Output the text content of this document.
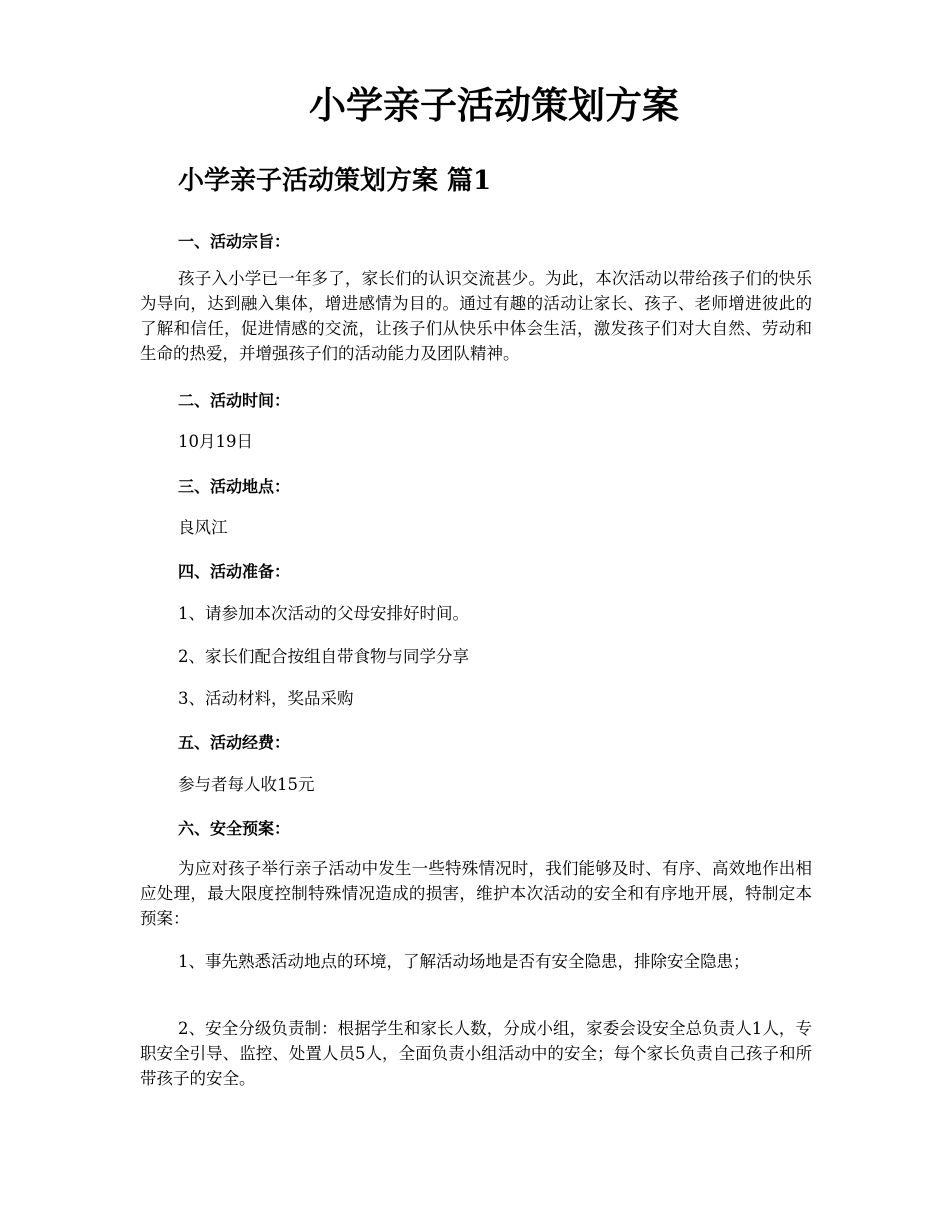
小学亲子活动策划方案
小学亲子活动策划方案 篇1

一、活动宗旨：

孩子入小学已一年多了，家长们的认识交流甚少。为此，本次活动以带给孩子们的快乐为导向，达到融入集体，增进感情为目的。通过有趣的活动让家长、孩子、老师增进彼此的了解和信任，促进情感的交流，让孩子们从快乐中体会生活，激发孩子们对大自然、劳动和生命的热爱，并增强孩子们的活动能力及团队精神。

二、活动时间：

10月19日

三、活动地点：

良风江

四、活动准备：

1、请参加本次活动的父母安排好时间。

2、家长们配合按组自带食物与同学分享

3、活动材料，奖品采购

五、活动经费：

参与者每人收15元

六、安全预案：

为应对孩子举行亲子活动中发生一些特殊情况时，我们能够及时、有序、高效地作出相应处理，最大限度控制特殊情况造成的损害，维护本次活动的安全和有序地开展，特制定本预案：

1、事先熟悉活动地点的环境，了解活动场地是否有安全隐患，排除安全隐患；

2、安全分级负责制：根据学生和家长人数，分成小组，家委会设安全总负责人1人，专职安全引导、监控、处置人员5人，全面负责小组活动中的安全；每个家长负责自己孩子和所带孩子的安全。
